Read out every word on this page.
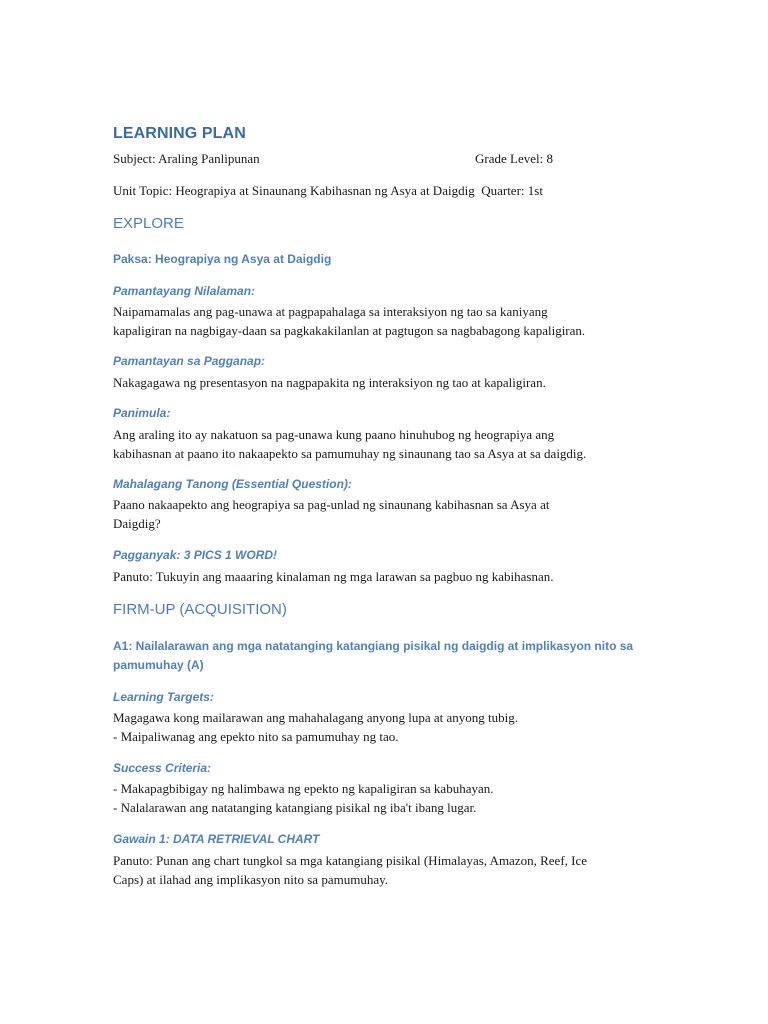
LEARNING PLAN
Subject: Araling Panlipunan	Grade Level: 8
Unit Topic: Heograpiya at Sinaunang Kabihasnan ng Asya at Daigdig Quarter: 1st
EXPLORE
Paksa: Heograpiya ng Asya at Daigdig
Pamantayang Nilalaman:
Naipamamalas ang pag-unawa at pagpapahalaga sa interaksiyon ng tao sa kaniyang
kapaligiran na nagbigay-daan sa pagkakakilanlan at pagtugon sa nagbabagong kapaligiran.
Pamantayan sa Pagganap:
Nakagagawa ng presentasyon na nagpapakita ng interaksiyon ng tao at kapaligiran.
Panimula:
Ang araling ito ay nakatuon sa pag-unawa kung paano hinuhubog ng heograpiya ang
kabihasnan at paano ito nakaapekto sa pamumuhay ng sinaunang tao sa Asya at sa daigdig.
Mahalagang Tanong (Essential Question):
Paano nakaapekto ang heograpiya sa pag-unlad ng sinaunang kabihasnan sa Asya at
Daigdig?
Pagganyak: 3 PICS 1 WORD!
Panuto: Tukuyin ang maaaring kinalaman ng mga larawan sa pagbuo ng kabihasnan.
FIRM-UP (ACQUISITION)
A1: Nailalarawan ang mga natatanging katangiang pisikal ng daigdig at implikasyon nito sa
pamumuhay (A)
Learning Targets:
Magagawa kong mailarawan ang mahahalagang anyong lupa at anyong tubig.
- Maipaliwanag ang epekto nito sa pamumuhay ng tao.
Success Criteria:
- Makapagbibigay ng halimbawa ng epekto ng kapaligiran sa kabuhayan.
- Nalalarawan ang natatanging katangiang pisikal ng iba't ibang lugar.
Gawain 1: DATA RETRIEVAL CHART
Panuto: Punan ang chart tungkol sa mga katangiang pisikal (Himalayas, Amazon, Reef, Ice
Caps) at ilahad ang implikasyon nito sa pamumuhay.
